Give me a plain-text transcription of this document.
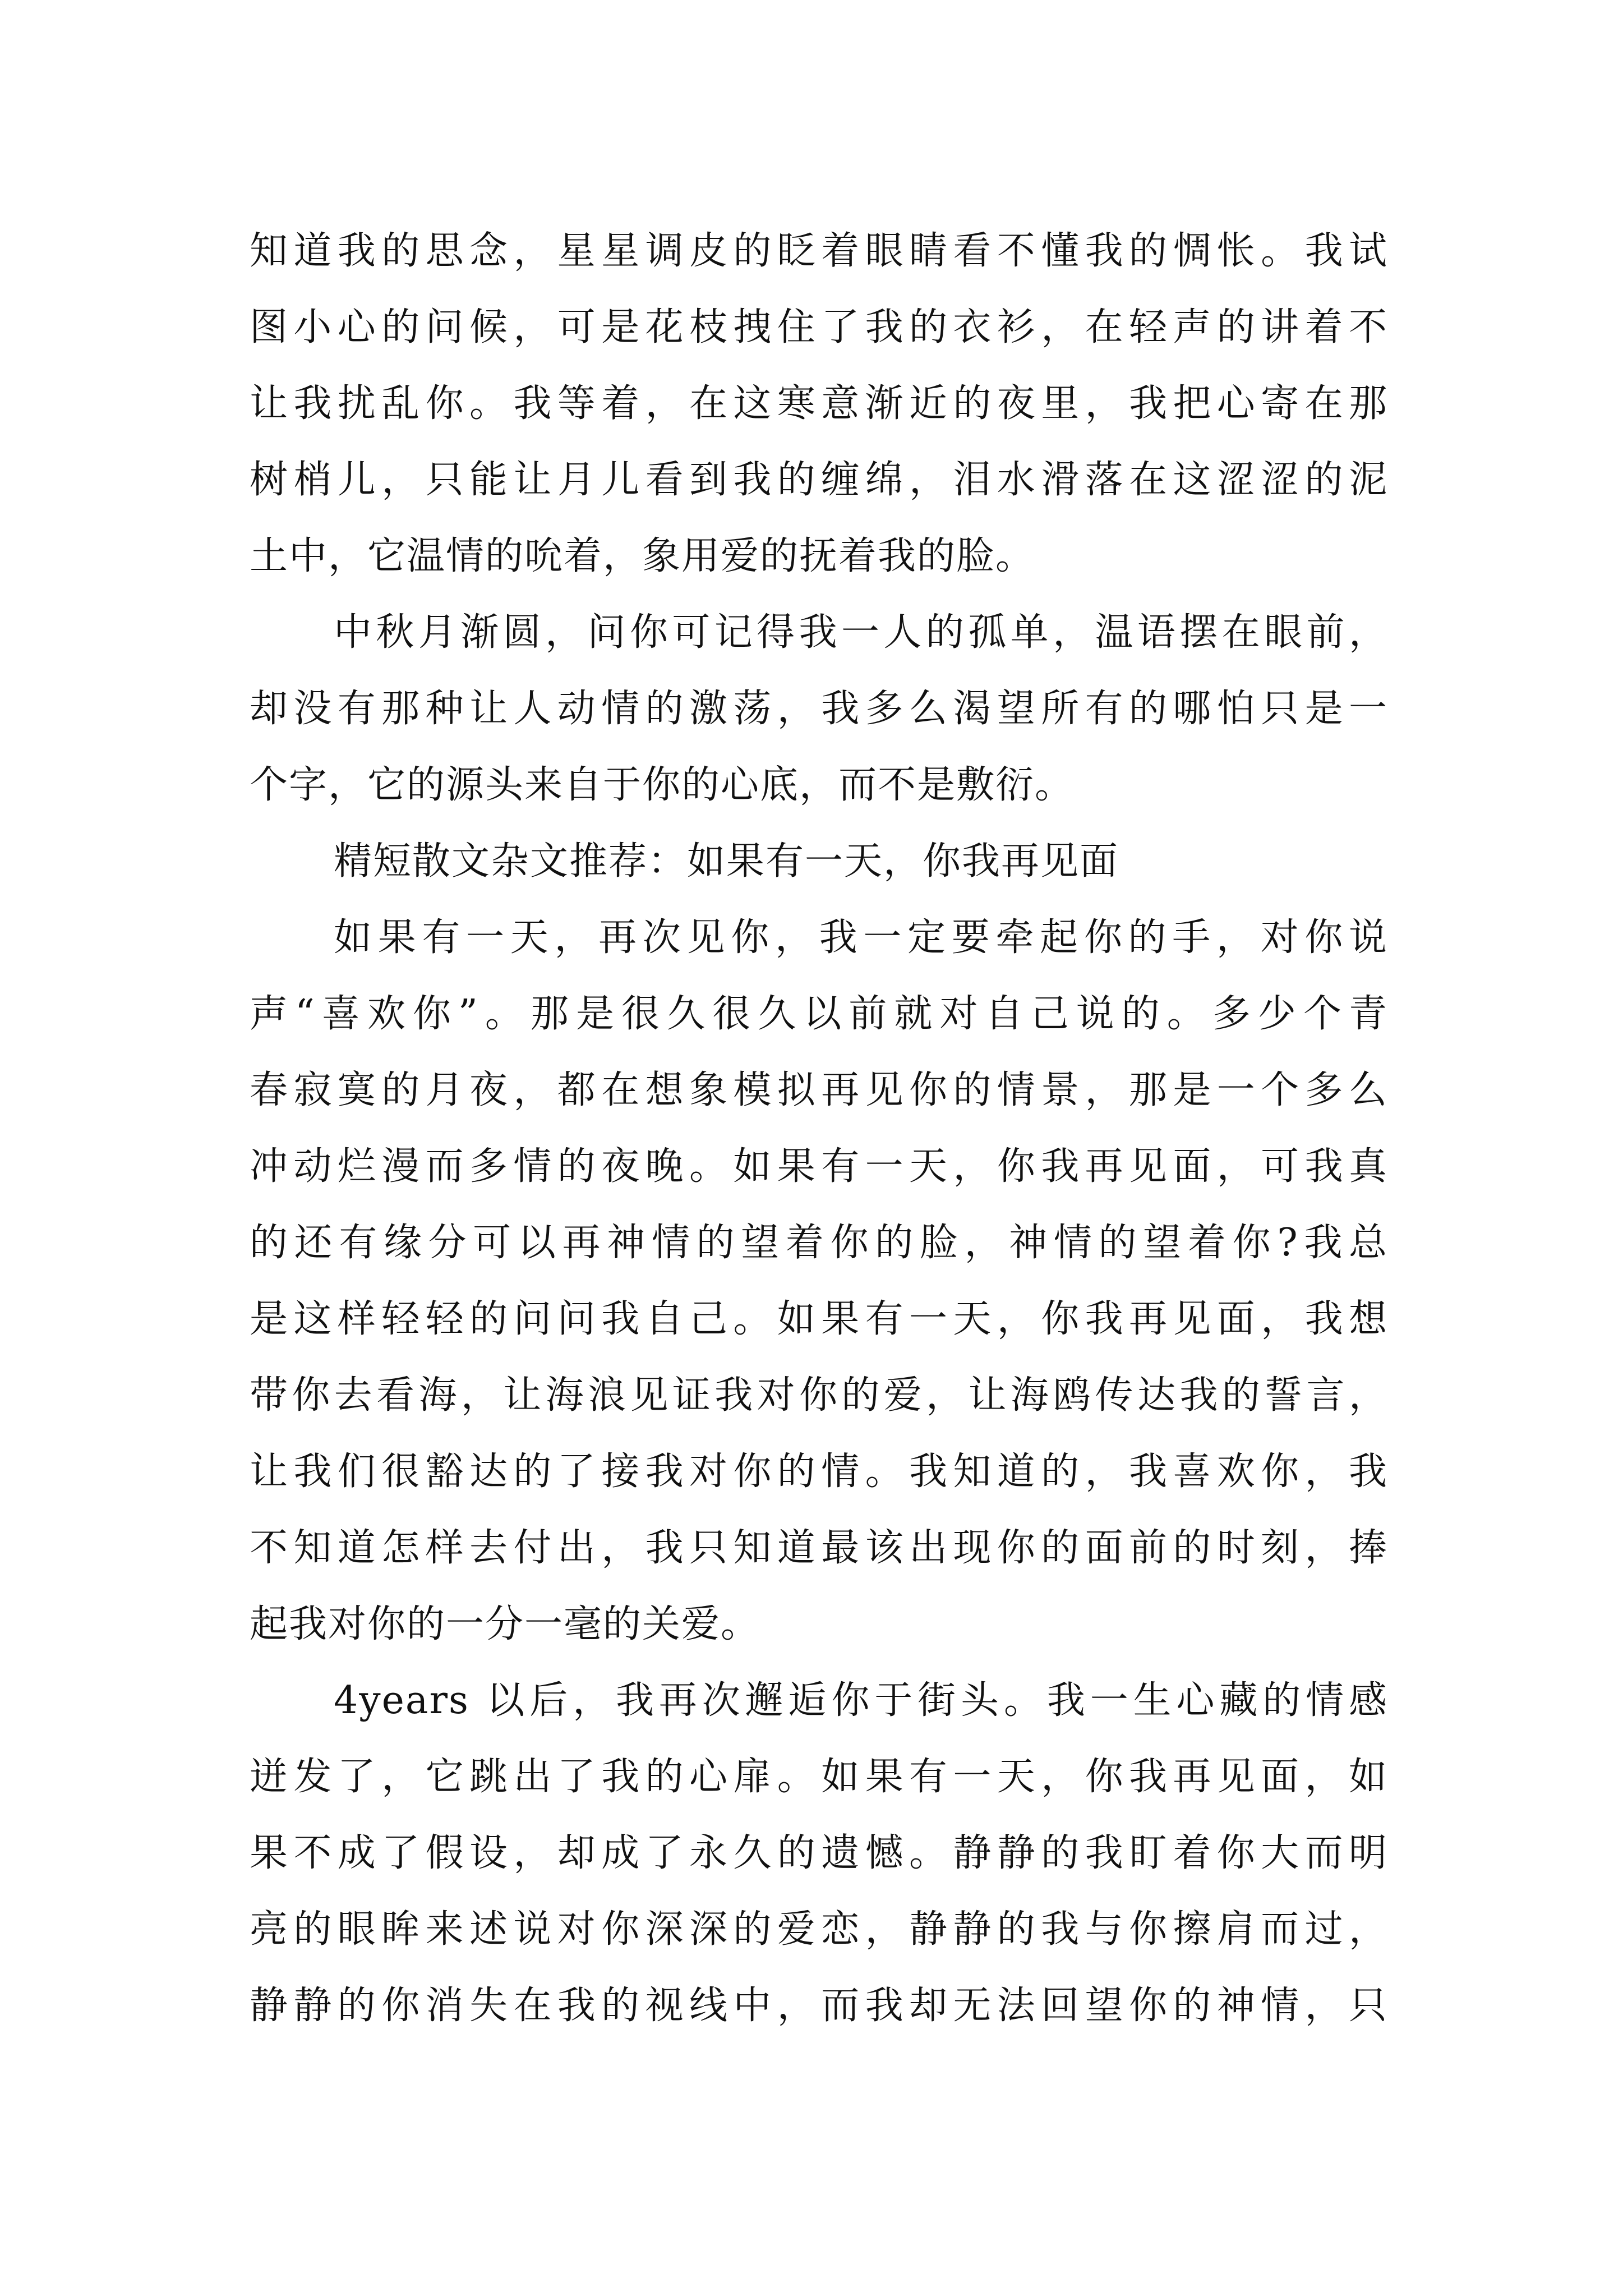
知道我的思念，星星调皮的眨着眼睛看不懂我的惆怅。我试
图小心的问候，可是花枝拽住了我的衣衫，在轻声的讲着不
让我扰乱你。我等着，在这寒意渐近的夜里，我把心寄在那
树梢儿，只能让月儿看到我的缠绵，泪水滑落在这涩涩的泥
土中，它温情的吮着，象用爱的抚着我的脸。
中秋月渐圆，问你可记得我一人的孤单，温语摆在眼前，
却没有那种让人动情的激荡，我多么渴望所有的哪怕只是一
个字，它的源头来自于你的心底，而不是敷衍。
精短散文杂文推荐：如果有一天，你我再见面
如果有一天，再次见你，我一定要牵起你的手，对你说
声“喜欢你”。那是很久很久以前就对自己说的。多少个青
春寂寞的月夜，都在想象模拟再见你的情景，那是一个多么
冲动烂漫而多情的夜晚。如果有一天，你我再见面，可我真
的还有缘分可以再神情的望着你的脸，神情的望着你?我总
是这样轻轻的问问我自己。如果有一天，你我再见面，我想
带你去看海，让海浪见证我对你的爱，让海鸥传达我的誓言，
让我们很豁达的了接我对你的情。我知道的，我喜欢你，我
不知道怎样去付出，我只知道最该出现你的面前的时刻，捧
起我对你的一分一毫的关爱。
4years 以后，我再次邂逅你于街头。我一生心藏的情感
迸发了，它跳出了我的心扉。如果有一天，你我再见面，如
果不成了假设，却成了永久的遗憾。静静的我盯着你大而明
亮的眼眸来述说对你深深的爱恋，静静的我与你擦肩而过，
静静的你消失在我的视线中，而我却无法回望你的神情，只
